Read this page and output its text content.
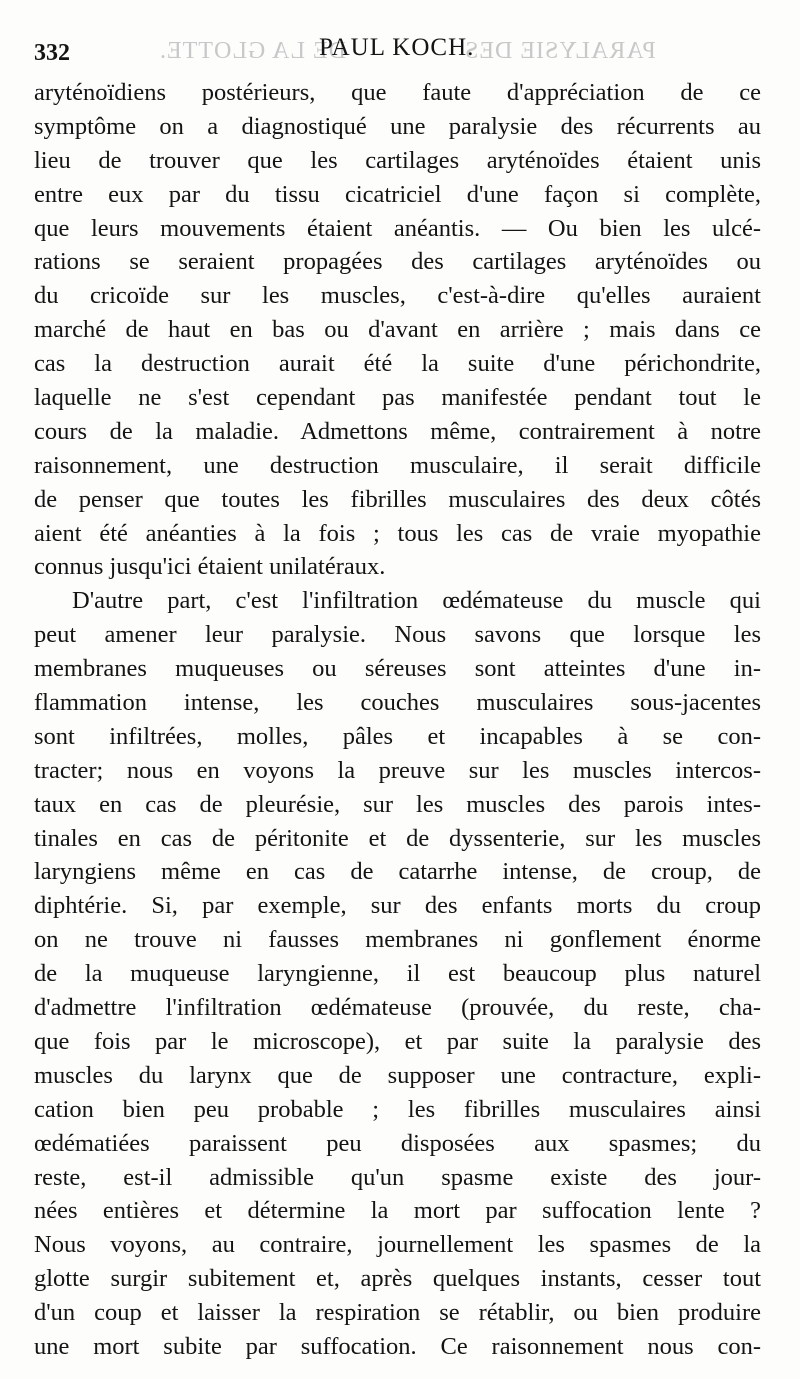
332	DE LA GLOTTE.
PAUL KOCH.
PARALYSIE DES
aryténoïdiens postérieurs, que faute d'appréciation de ce
symptôme on a diagnostiqué une paralysie des récurrents au
lieu de trouver que les cartilages aryténoïdes étaient unis
entre eux par du tissu cicatriciel d'une façon si complète,
que leurs mouvements étaient anéantis. — Ou bien les ulcé-
rations se seraient propagées des cartilages aryténoïdes ou
du cricoïde sur les muscles, c'est-à-dire qu'elles auraient
marché de haut en bas ou d'avant en arrière ; mais dans ce
cas la destruction aurait été la suite d'une périchondrite,
laquelle ne s'est cependant pas manifestée pendant tout le
cours de la maladie. Admettons même, contrairement à notre
raisonnement, une destruction musculaire, il serait difficile
de penser que toutes les fibrilles musculaires des deux côtés
aient été anéanties à la fois ; tous les cas de vraie myopathie
connus jusqu'ici étaient unilatéraux.
D'autre part, c'est l'infiltration œdémateuse du muscle qui
peut amener leur paralysie. Nous savons que lorsque les
membranes muqueuses ou séreuses sont atteintes d'une in-
flammation intense, les couches musculaires sous-jacentes
sont infiltrées, molles, pâles et incapables à se con-
tracter; nous en voyons la preuve sur les muscles intercos-
taux en cas de pleurésie, sur les muscles des parois intes-
tinales en cas de péritonite et de dyssenterie, sur les muscles
laryngiens même en cas de catarrhe intense, de croup, de
diphtérie. Si, par exemple, sur des enfants morts du croup
on ne trouve ni fausses membranes ni gonflement énorme
de la muqueuse laryngienne, il est beaucoup plus naturel
d'admettre l'infiltration œdémateuse (prouvée, du reste, cha-
que fois par le microscope), et par suite la paralysie des
muscles du larynx que de supposer une contracture, expli-
cation bien peu probable ; les fibrilles musculaires ainsi
œdématiées paraissent peu disposées aux spasmes; du
reste, est-il admissible qu'un spasme existe des jour-
nées entières et détermine la mort par suffocation lente ?
Nous voyons, au contraire, journellement les spasmes de la
glotte surgir subitement et, après quelques instants, cesser tout
d'un coup et laisser la respiration se rétablir, ou bien produire
une mort subite par suffocation. Ce raisonnement nous con-
